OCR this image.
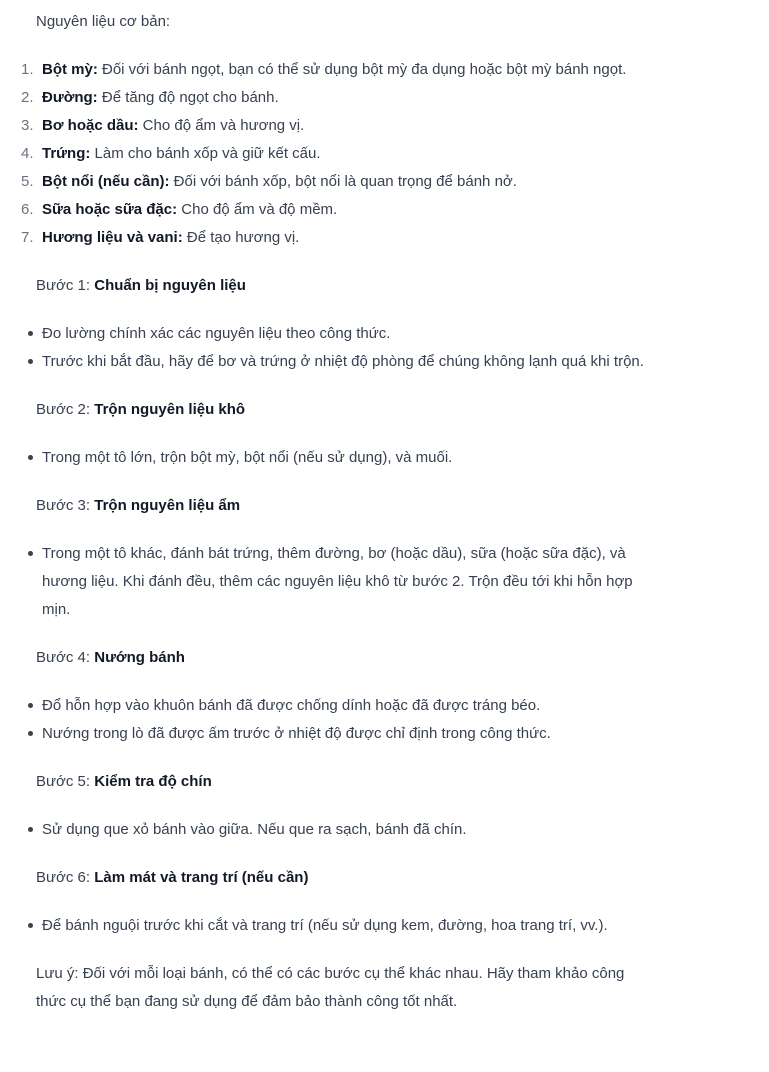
Nguyên liệu cơ bản:

1. Bột mỳ: Đối với bánh ngọt, bạn có thể sử dụng bột mỳ đa dụng hoặc bột mỳ bánh ngọt.
2. Đường: Để tăng độ ngọt cho bánh.
3. Bơ hoặc dầu: Cho độ ẩm và hương vị.
4. Trứng: Làm cho bánh xốp và giữ kết cấu.
5. Bột nổi (nếu cần): Đối với bánh xốp, bột nổi là quan trọng để bánh nở.
6. Sữa hoặc sữa đặc: Cho độ ẩm và độ mềm.
7. Hương liệu và vani: Để tạo hương vị.

Bước 1: Chuẩn bị nguyên liệu

Đo lường chính xác các nguyên liệu theo công thức.
Trước khi bắt đầu, hãy để bơ và trứng ở nhiệt độ phòng để chúng không lạnh quá khi trộn.

Bước 2: Trộn nguyên liệu khô

Trong một tô lớn, trộn bột mỳ, bột nổi (nếu sử dụng), và muối.

Bước 3: Trộn nguyên liệu ẩm

Trong một tô khác, đánh bát trứng, thêm đường, bơ (hoặc dầu), sữa (hoặc sữa đặc), và hương liệu. Khi đánh đều, thêm các nguyên liệu khô từ bước 2. Trộn đều tới khi hỗn hợp mịn.

Bước 4: Nướng bánh

Đổ hỗn hợp vào khuôn bánh đã được chống dính hoặc đã được tráng béo.
Nướng trong lò đã được ấm trước ở nhiệt độ được chỉ định trong công thức.

Bước 5: Kiểm tra độ chín

Sử dụng que xỏ bánh vào giữa. Nếu que ra sạch, bánh đã chín.

Bước 6: Làm mát và trang trí (nếu cần)

Để bánh nguội trước khi cắt và trang trí (nếu sử dụng kem, đường, hoa trang trí, vv.).

Lưu ý: Đối với mỗi loại bánh, có thể có các bước cụ thể khác nhau. Hãy tham khảo công thức cụ thể bạn đang sử dụng để đảm bảo thành công tốt nhất.
